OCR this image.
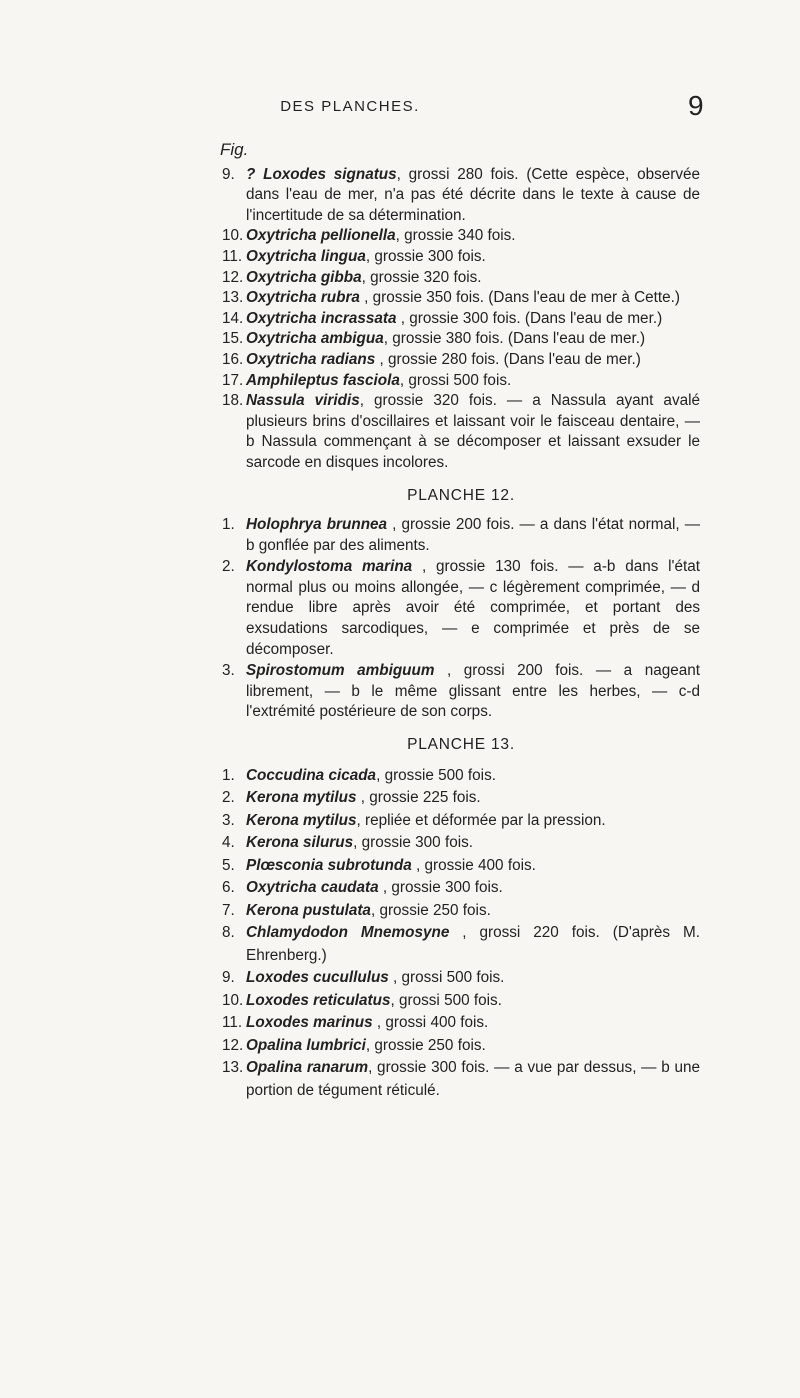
DES PLANCHES.	9
Fig.
9. ? Loxodes signatus, grossi 280 fois. (Cette espèce, observée dans l'eau de mer, n'a pas été décrite dans le texte à cause de l'incertitude de sa détermination.
10. Oxytricha pellionella, grossie 340 fois.
11. Oxytricha lingua, grossie 300 fois.
12. Oxytricha gibba, grossie 320 fois.
13. Oxytricha rubra , grossie 350 fois. (Dans l'eau de mer à Cette.)
14. Oxytricha incrassata , grossie 300 fois. (Dans l'eau de mer.)
15. Oxytricha ambigua, grossie 380 fois. (Dans l'eau de mer.)
16. Oxytricha radians , grossie 280 fois. (Dans l'eau de mer.)
17. Amphileptus fasciola, grossi 500 fois.
18. Nassula viridis, grossie 320 fois. — a Nassula ayant avalé plusieurs brins d'oscillaires et laissant voir le faisceau dentaire, — b Nassula commençant à se décomposer et laissant exsuder le sarcode en disques incolores.
PLANCHE 12.
1. Holophrya brunnea , grossie 200 fois. — a dans l'état normal, — b gonflée par des aliments.
2. Kondylostoma marina , grossie 130 fois. — a-b dans l'état normal plus ou moins allongée, — c légèrement comprimée, — d rendue libre après avoir été comprimée, et portant des exsudations sarcodiques, — e comprimée et près de se décomposer.
3. Spirostomum ambiguum , grossi 200 fois. — a nageant librement, — b le même glissant entre les herbes, — c-d l'extrémité postérieure de son corps.
PLANCHE 13.
1. Coccudina cicada, grossie 500 fois.
2. Kerona mytilus , grossie 225 fois.
3. Kerona mytilus, repliée et déformée par la pression.
4. Kerona silurus, grossie 300 fois.
5. Plœsconia subrotunda , grossie 400 fois.
6. Oxytricha caudata , grossie 300 fois.
7. Kerona pustulata, grossie 250 fois.
8. Chlamydodon Mnemosyne , grossi 220 fois. (D'après M. Ehrenberg.)
9. Loxodes cucullulus , grossi 500 fois.
10. Loxodes reticulatus, grossi 500 fois.
11. Loxodes marinus , grossi 400 fois.
12. Opalina lumbrici, grossie 250 fois.
13. Opalina ranarum, grossie 300 fois. — a vue par dessus, — b une portion de tégument réticulé.
